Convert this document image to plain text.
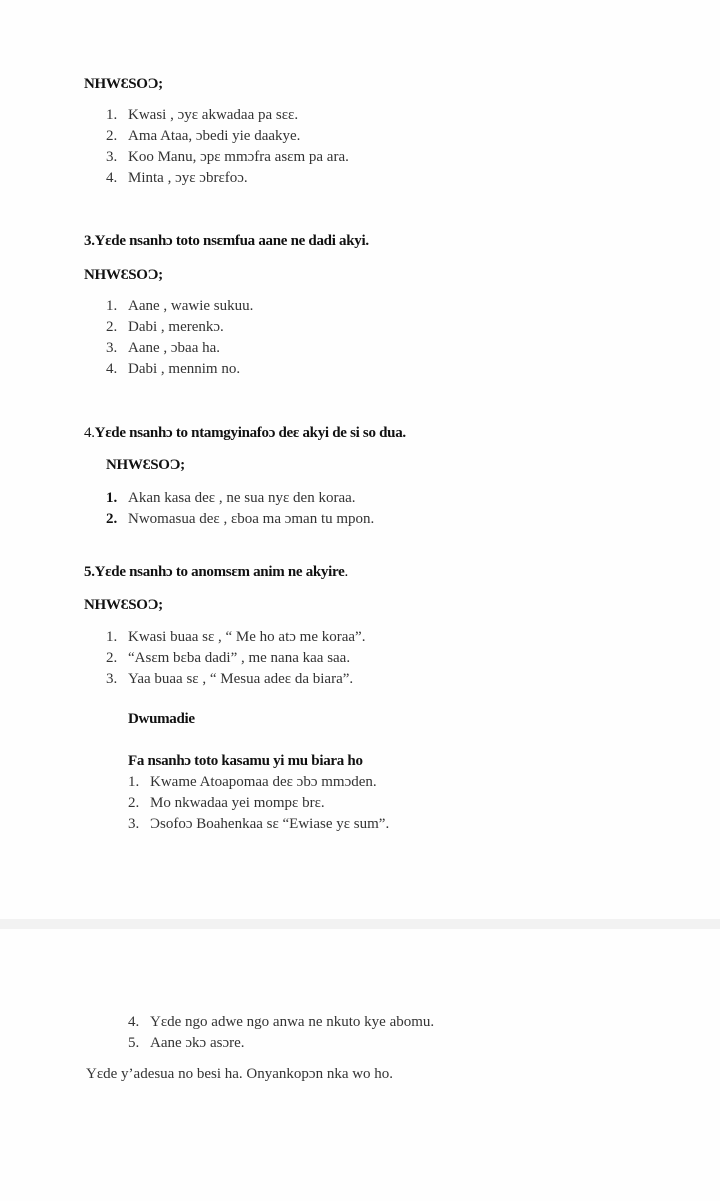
NHWƐSOƆ;
1. Kwasi , ɔyɛ akwadaa pa sɛɛ.
2. Ama Ataa, ɔbedi yie daakye.
3. Koo Manu, ɔpɛ mmɔfra asɛm pa ara.
4. Minta , ɔyɛ ɔbrɛfoɔ.
3.Yɛde nsanhɔ toto nsɛmfua aane ne dadi akyi.
NHWƐSOƆ;
1. Aane , wawie sukuu.
2. Dabi , merenkɔ.
3. Aane , ɔbaa ha.
4. Dabi , mennim no.
4.Yɛde nsanhɔ to ntamgyinafoɔ deɛ akyi de si so dua.
NHWƐSOƆ;
1. Akan kasa deɛ , ne sua nyɛ den koraa.
2. Nwomasua deɛ , ɛboa ma ɔman tu mpon.
5.Yɛde nsanhɔ to anomsɛm anim ne akyire.
NHWƐSOƆ;
1. Kwasi buaa sɛ , “ Me ho atɔ me koraa”.
2. “Asɛm bɛba dadi” , me nana kaa saa.
3. Yaa buaa sɛ , “ Mesua adeɛ da biara”.
Dwumadie
Fa nsanhɔ toto kasamu yi mu biara ho
1. Kwame Atoapomaa deɛ ɔbɔ mmɔden.
2. Mo nkwadaa yei mompɛ brɛ.
3. Ɔsofoɔ Boahenkaa sɛ “Ewiase yɛ sum”.
4. Yɛde ngo adwe ngo anwa ne nkuto kye abomu.
5. Aane ɔkɔ asɔre.
Yɛde y’adesua no besi ha. Onyankopɔn nka wo ho.
